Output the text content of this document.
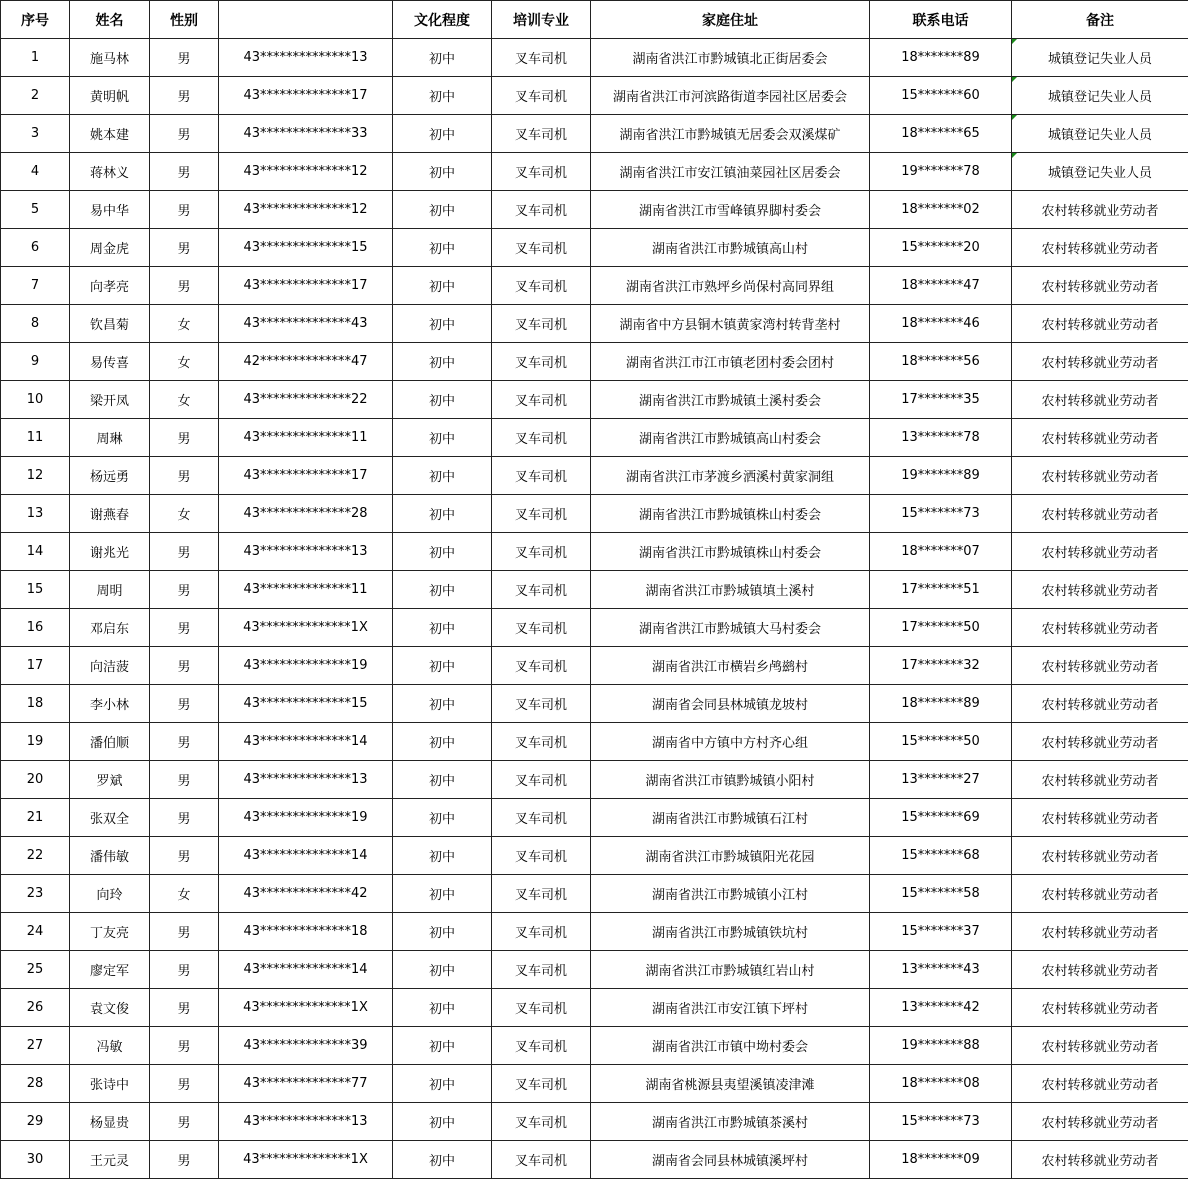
序号	姓名	性别		文化程度	培训专业	家庭住址	联系电话	备注
1	施马林	男	43**************13	初中	叉车司机	湖南省洪江市黔城镇北正街居委会	18*******89	城镇登记失业人员
2	黄明帆	男	43**************17	初中	叉车司机	湖南省洪江市河滨路街道李园社区居委会	15*******60	城镇登记失业人员
3	姚本建	男	43**************33	初中	叉车司机	湖南省洪江市黔城镇无居委会双溪煤矿	18*******65	城镇登记失业人员
4	蒋林义	男	43**************12	初中	叉车司机	湖南省洪江市安江镇油菜园社区居委会	19*******78	城镇登记失业人员
5	易中华	男	43**************12	初中	叉车司机	湖南省洪江市雪峰镇界脚村委会	18*******02	农村转移就业劳动者
6	周金虎	男	43**************15	初中	叉车司机	湖南省洪江市黔城镇高山村	15*******20	农村转移就业劳动者
7	向孝亮	男	43**************17	初中	叉车司机	湖南省洪江市熟坪乡尚保村高同界组	18*******47	农村转移就业劳动者
8	钦昌菊	女	43**************43	初中	叉车司机	湖南省中方县铜木镇黄家湾村转背垄村	18*******46	农村转移就业劳动者
9	易传喜	女	42**************47	初中	叉车司机	湖南省洪江市江市镇老团村委会团村	18*******56	农村转移就业劳动者
10	梁开凤	女	43**************22	初中	叉车司机	湖南省洪江市黔城镇土溪村委会	17*******35	农村转移就业劳动者
11	周琳	男	43**************11	初中	叉车司机	湖南省洪江市黔城镇高山村委会	13*******78	农村转移就业劳动者
12	杨远勇	男	43**************17	初中	叉车司机	湖南省洪江市茅渡乡洒溪村黄家洞组	19*******89	农村转移就业劳动者
13	谢燕春	女	43**************28	初中	叉车司机	湖南省洪江市黔城镇株山村委会	15*******73	农村转移就业劳动者
14	谢兆光	男	43**************13	初中	叉车司机	湖南省洪江市黔城镇株山村委会	18*******07	农村转移就业劳动者
15	周明	男	43**************11	初中	叉车司机	湖南省洪江市黔城镇填土溪村	17*******51	农村转移就业劳动者
16	邓启东	男	43**************1X	初中	叉车司机	湖南省洪江市黔城镇大马村委会	17*******50	农村转移就业劳动者
17	向洁菠	男	43**************19	初中	叉车司机	湖南省洪江市横岩乡鸬鹚村	17*******32	农村转移就业劳动者
18	李小林	男	43**************15	初中	叉车司机	湖南省会同县林城镇龙坡村	18*******89	农村转移就业劳动者
19	潘伯顺	男	43**************14	初中	叉车司机	湖南省中方镇中方村齐心组	15*******50	农村转移就业劳动者
20	罗斌	男	43**************13	初中	叉车司机	湖南省洪江市镇黔城镇小阳村	13*******27	农村转移就业劳动者
21	张双全	男	43**************19	初中	叉车司机	湖南省洪江市黔城镇石江村	15*******69	农村转移就业劳动者
22	潘伟敏	男	43**************14	初中	叉车司机	湖南省洪江市黔城镇阳光花园	15*******68	农村转移就业劳动者
23	向玲	女	43**************42	初中	叉车司机	湖南省洪江市黔城镇小江村	15*******58	农村转移就业劳动者
24	丁友亮	男	43**************18	初中	叉车司机	湖南省洪江市黔城镇铁坑村	15*******37	农村转移就业劳动者
25	廖定军	男	43**************14	初中	叉车司机	湖南省洪江市黔城镇红岩山村	13*******43	农村转移就业劳动者
26	袁文俊	男	43**************1X	初中	叉车司机	湖南省洪江市安江镇下坪村	13*******42	农村转移就业劳动者
27	冯敏	男	43**************39	初中	叉车司机	湖南省洪江市镇中坳村委会	19*******88	农村转移就业劳动者
28	张诗中	男	43**************77	初中	叉车司机	湖南省桃源县夷望溪镇凌津滩	18*******08	农村转移就业劳动者
29	杨显贵	男	43**************13	初中	叉车司机	湖南省洪江市黔城镇茶溪村	15*******73	农村转移就业劳动者
30	王元灵	男	43**************1X	初中	叉车司机	湖南省会同县林城镇溪坪村	18*******09	农村转移就业劳动者
